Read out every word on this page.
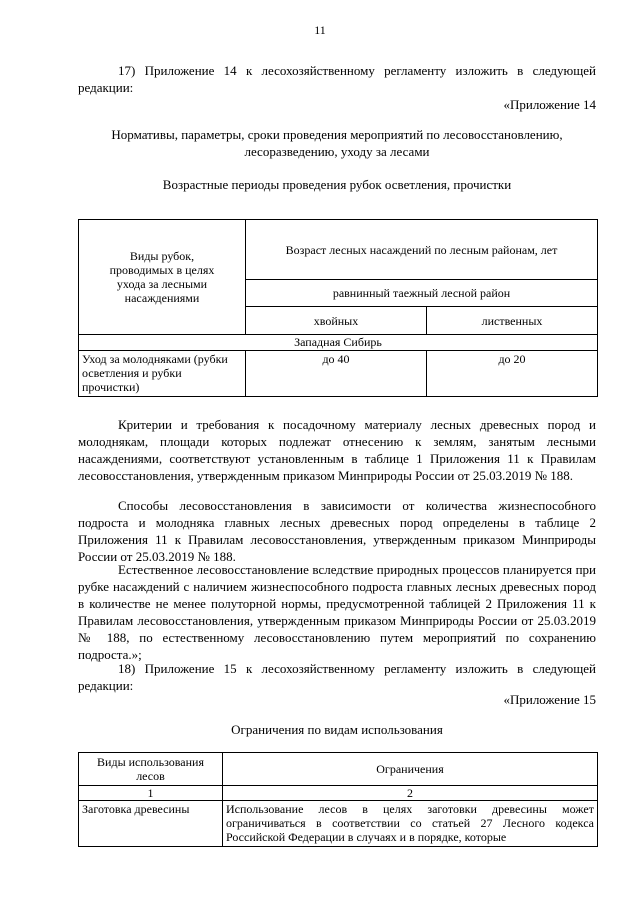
11
17) Приложение 14 к лесохозяйственному регламенту изложить в следующей редакции:
«Приложение 14
Нормативы, параметры, сроки проведения мероприятий по лесовосстановлению, лесоразведению, уходу за лесами
Возрастные периоды проведения рубок осветления, прочистки
Виды рубок, проводимых в целях ухода за лесными насаждениями	Возраст лесных насаждений по лесным районам, лет	
	равнинный таежный лесной район	
	хвойных	лиственных
Западная Сибирь		
Уход за молодняками (рубки осветления и рубки прочистки)	до 40	до 20
Критерии и требования к посадочному материалу лесных древесных пород и молоднякам, площади которых подлежат отнесению к землям, занятым лесными насаждениями, соответствуют установленным в таблице 1 Приложения 11 к Правилам лесовосстановления, утвержденным приказом Минприроды России от 25.03.2019 № 188.
Способы лесовосстановления в зависимости от количества жизнеспособного подроста и молодняка главных лесных древесных пород определены в таблице 2 Приложения 11 к Правилам лесовосстановления, утвержденным приказом Минприроды России от 25.03.2019 № 188.
Естественное лесовосстановление вследствие природных процессов планируется при рубке насаждений с наличием жизнеспособного подроста главных лесных древесных пород в количестве не менее полуторной нормы, предусмотренной таблицей 2 Приложения 11 к Правилам лесовосстановления, утвержденным приказом Минприроды России от 25.03.2019 № 188, по естественному лесовосстановлению путем мероприятий по сохранению подроста.»;
18) Приложение 15 к лесохозяйственному регламенту изложить в следующей редакции:
«Приложение 15
Ограничения по видам использования
Виды использования лесов	Ограничения
1	2
Заготовка древесины	Использование лесов в целях заготовки древесины может ограничиваться в соответствии со статьей 27 Лесного кодекса Российской Федерации в случаях и в порядке, которые
